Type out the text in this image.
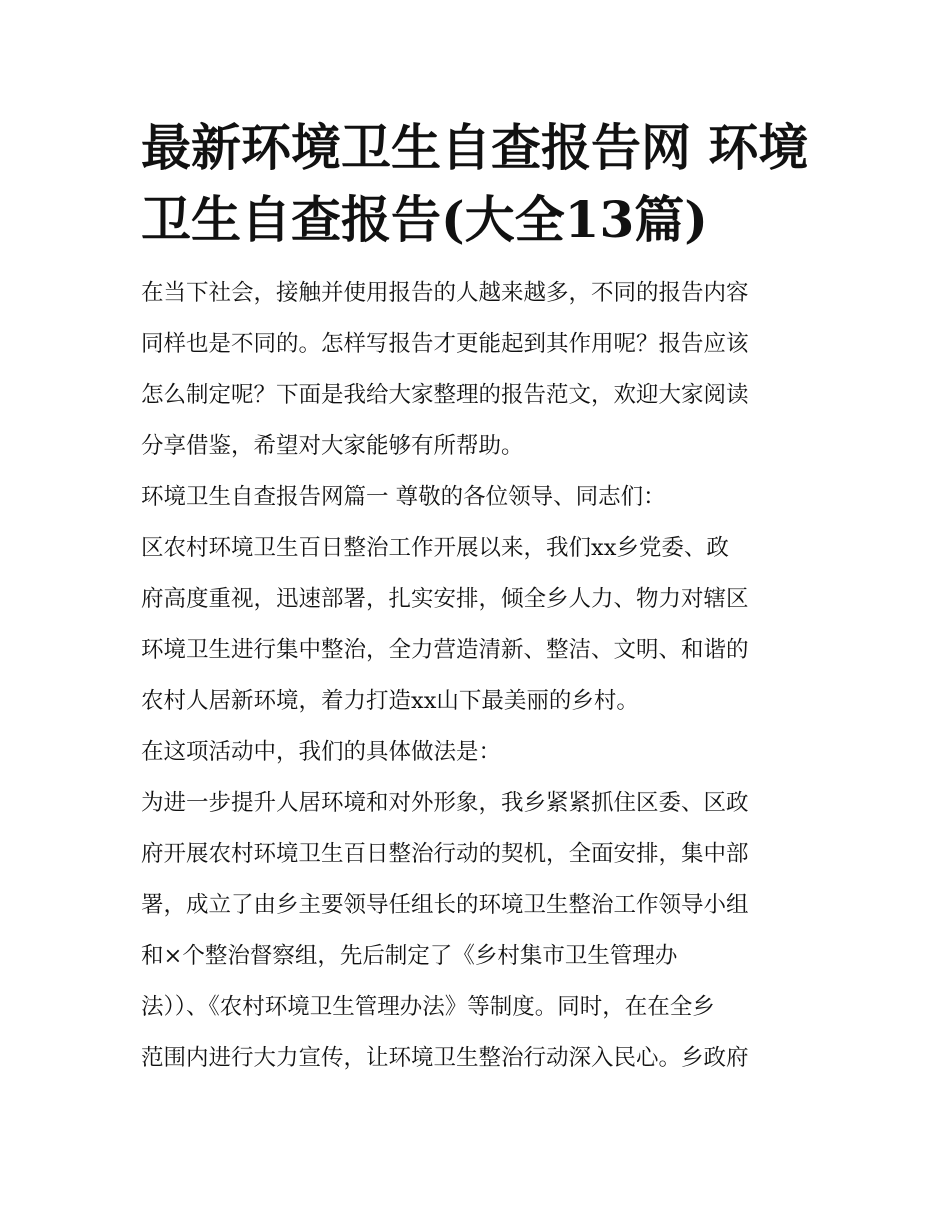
最新环境卫生自查报告网 环境
卫生自查报告(大全13篇)
在当下社会，接触并使用报告的人越来越多，不同的报告内容
同样也是不同的。怎样写报告才更能起到其作用呢？报告应该
怎么制定呢？下面是我给大家整理的报告范文，欢迎大家阅读
分享借鉴，希望对大家能够有所帮助。
环境卫生自查报告网篇一 尊敬的各位领导、同志们：
区农村环境卫生百日整治工作开展以来，我们xx乡党委、政
府高度重视，迅速部署，扎实安排，倾全乡人力、物力对辖区
环境卫生进行集中整治，全力营造清新、整洁、文明、和谐的
农村人居新环境，着力打造xx山下最美丽的乡村。
在这项活动中，我们的具体做法是：
为进一步提升人居环境和对外形象，我乡紧紧抓住区委、区政
府开展农村环境卫生百日整治行动的契机，全面安排，集中部
署，成立了由乡主要领导任组长的环境卫生整治工作领导小组
和×个整治督察组，先后制定了《乡村集市卫生管理办
法））、《农村环境卫生管理办法》等制度。同时，在在全乡
范围内进行大力宣传，让环境卫生整治行动深入民心。乡政府
